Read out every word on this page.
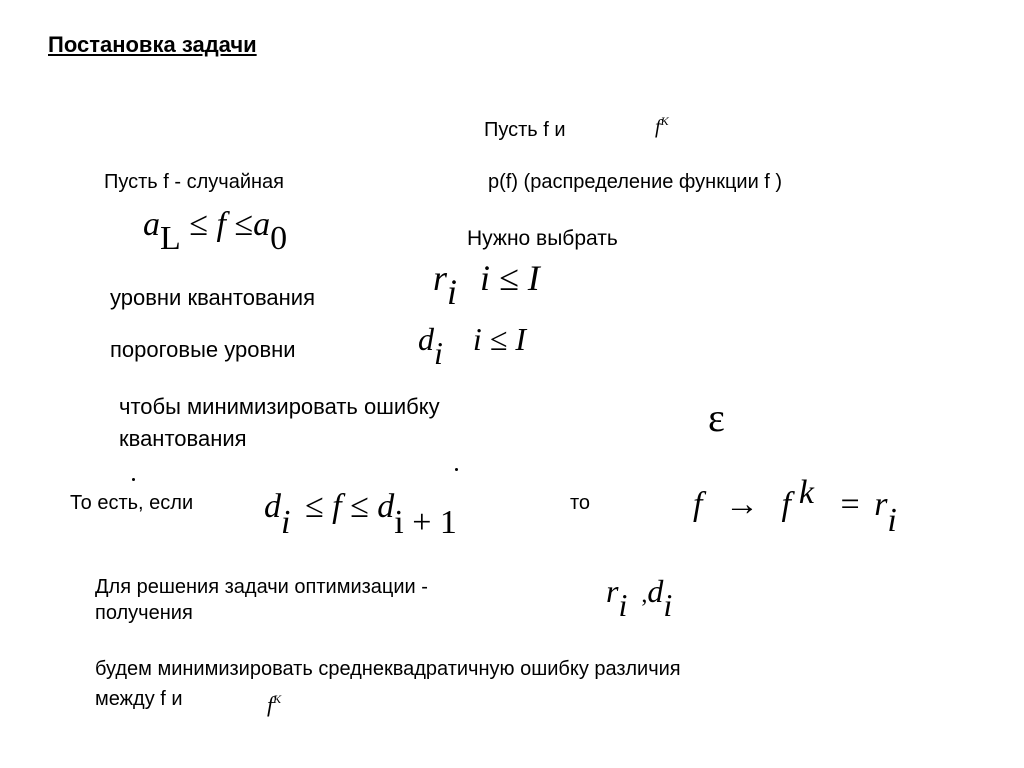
Постановка задачи
Пусть f и	$f^K$
Пусть f - случайная	p(f) (распределение функции f )
aL ≤ f ≤a0	Нужно выбрать
уровни квантования	ri i ≤ I
пороговые уровни	di i ≤ I
чтобы минимизировать ошибку
квантования	ε
То есть, если di ≤ f ≤ di + 1
то	f → f k = ri
Для решения задачи оптимизации -
получения
ri ,di
будем минимизировать среднеквадратичную ошибку различия
между f и	$f^K$
